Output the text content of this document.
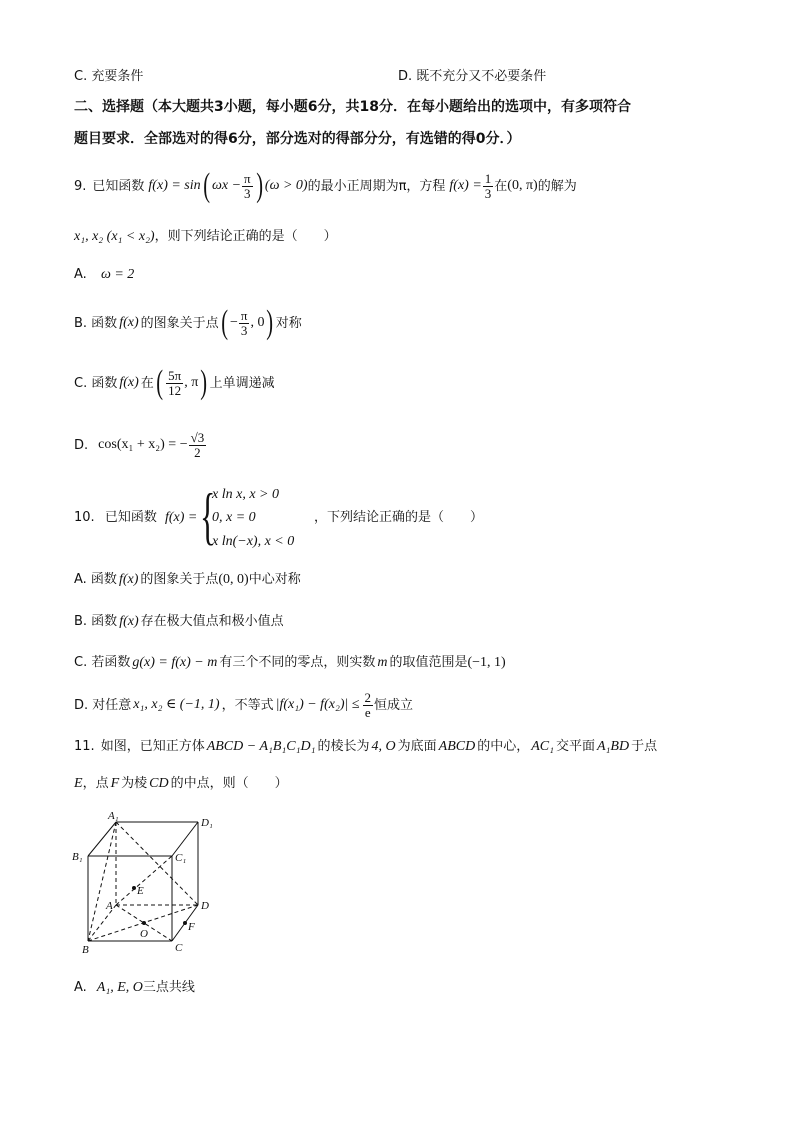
C. 充要条件	D. 既不充分又不必要条件
二、选择题（本大题共3小题，每小题6分，共18分．在每小题给出的选项中，有多项符合
题目要求．全部选对的得6分，部分选对的得部分分，有选错的得0分．）
9. 已知函数 f(x) = sin ( $\omega x - \frac{\pi}{3}$ ) (ω > 0) 的最小正周期为π，方程 $f(x) = \frac{1}{3}$ 在 (0, π) 的解为
x₁, x₂ (x₁ < x₂)，则下列结论正确的是（　　）
A. ω = 2
B. 函数 f(x) 的图象关于点 ( − $\frac{\pi}{3}$ , 0 ) 对称
C. 函数 f(x) 在 ( $\frac{5\pi}{12}$ , π ) 上单调递减
D. cos(x₁ + x₂) = − $\frac{√3}{2}$
10. 已知函数 f(x) = {
x ln x, x > 0
0, x = 0
x ln(−x), x < 0
，下列结论正确的是（　　）
A. 函数 f(x) 的图象关于点(0, 0)中心对称
B. 函数 f(x) 存在极大值点和极小值点
C. 若函数 g(x) = f(x) − m 有三个不同的零点，则实数 m 的取值范围是(−1, 1)
D. 对任意 x₁, x₂ ∈ (−1, 1) ，不等式 $|f(x_1) - f(x_2)| \le \frac{2}{e}$ 恒成立
11. 如图，已知正方体 ABCD − A₁B₁C₁D₁ 的棱长为 4, O 为底面 ABCD 的中心， AC₁ 交平面 A₁BD 于点
E，点 F 为棱 CD 的中点，则（　　）
A₁
D₁
B₁	C₁
A	D
B	C
E
O
F
A. A₁, E, O三点共线
